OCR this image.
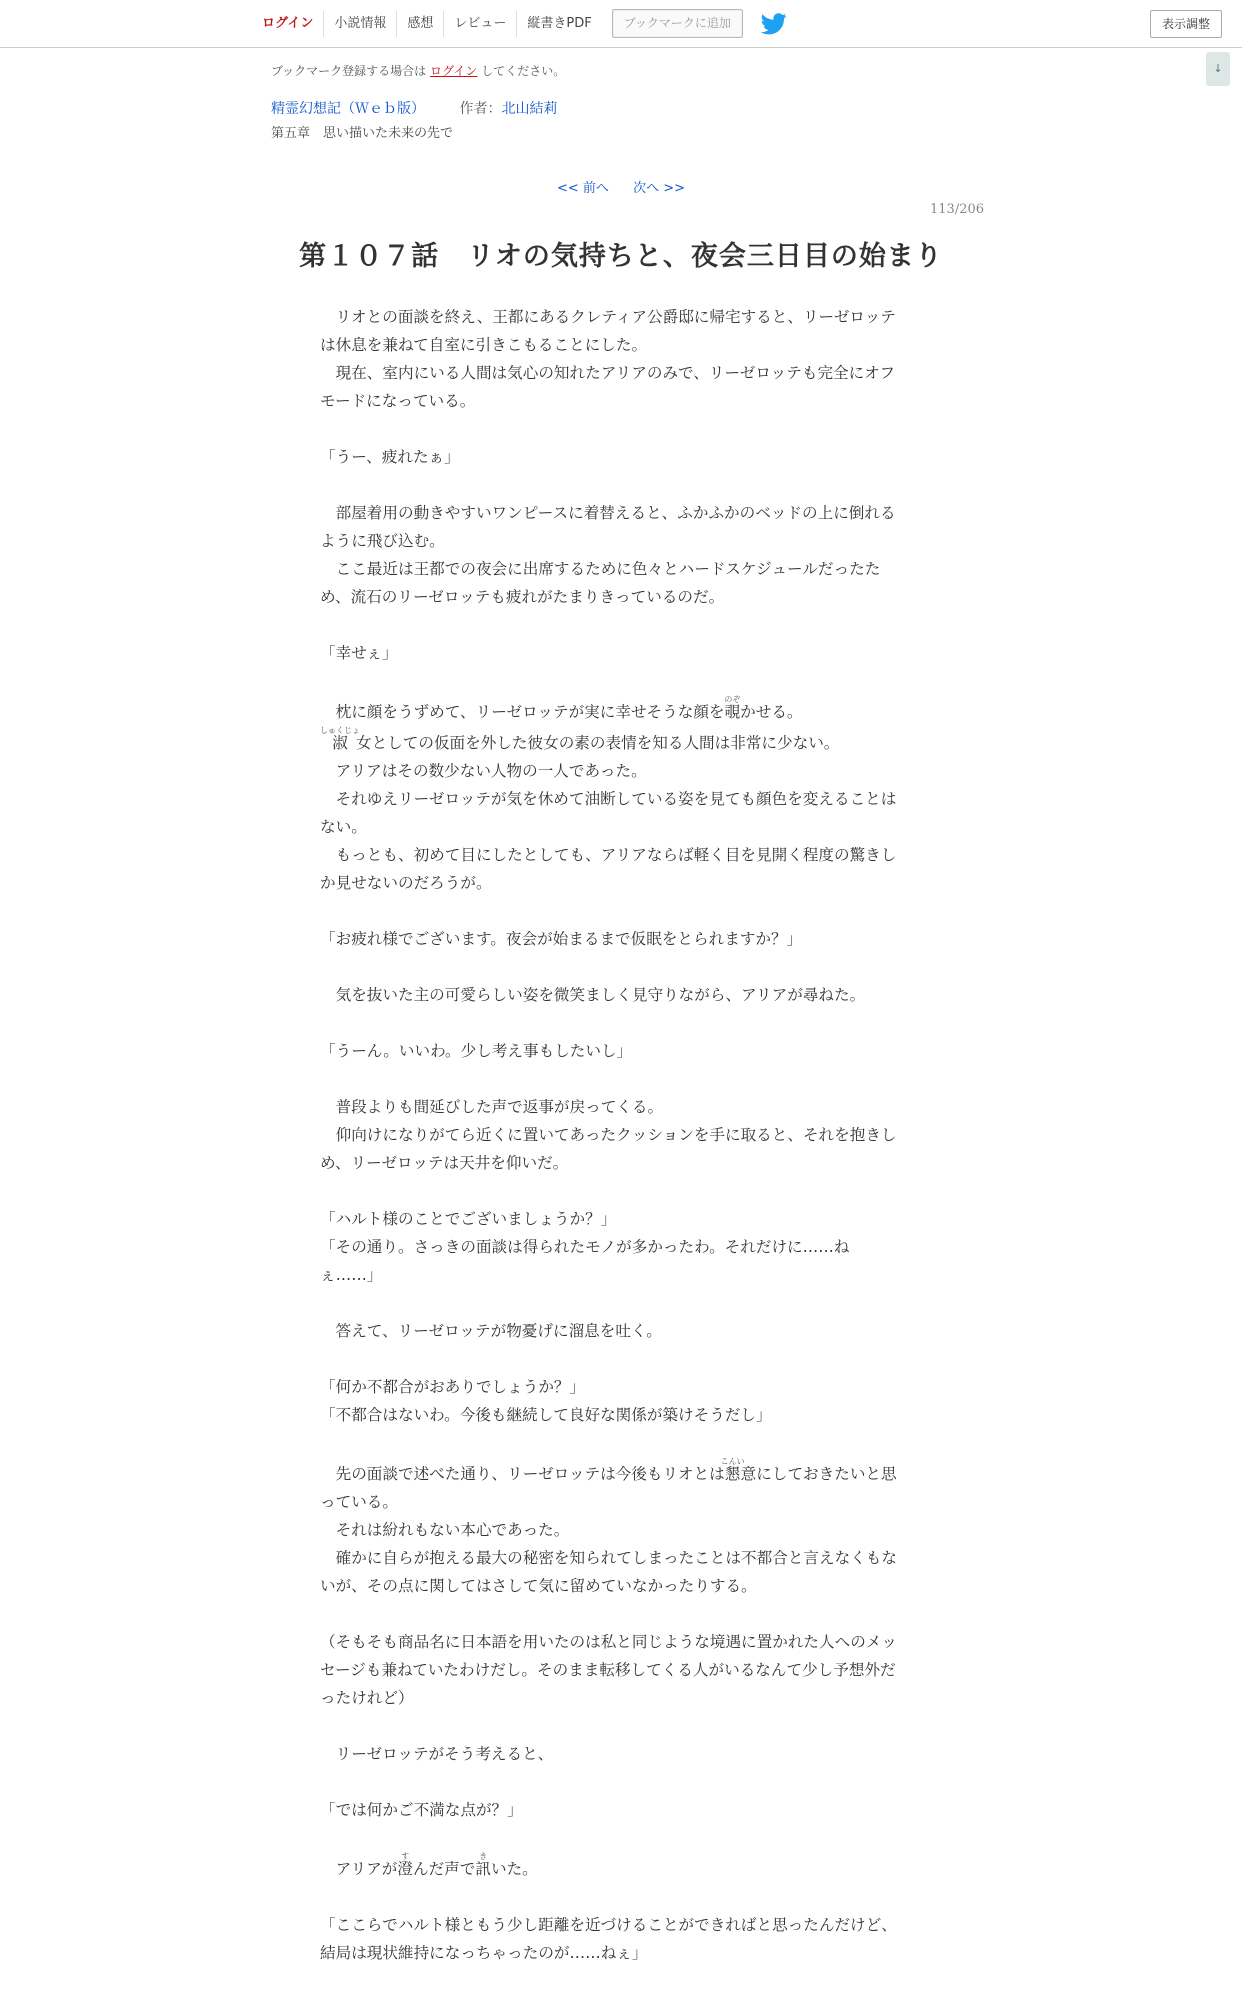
ログイン	小説情報	感想	レビュー	縦書きPDF	ブックマークに追加	表示調整
↓
ブックマーク登録する場合は ログイン してください。
精霊幻想記（Ｗｅｂ版） 作者：北山結莉
第五章　思い描いた未来の先で
<< 前へ 次へ >>
113/206
第１０７話　リオの気持ちと、夜会三日目の始まり
　リオとの面談を終え、王都にあるクレティア公爵邸に帰宅すると、リーゼロッテ
は休息を兼ねて自室に引きこもることにした。
　現在、室内にいる人間は気心の知れたアリアのみで、リーゼロッテも完全にオフ
モードになっている。

「うー、疲れたぁ」

　部屋着用の動きやすいワンピースに着替えると、ふかふかのベッドの上に倒れる
ように飛び込む。
　ここ最近は王都での夜会に出席するために色々とハードスケジュールだったた
め、流石のリーゼロッテも疲れがたまりきっているのだ。

「幸せぇ」

　枕に顔をうずめて、リーゼロッテが実に幸せそうな顔を覗のぞかせる。
淑しゅくじょ女としての仮面を外した彼女の素の表情を知る人間は非常に少ない。
　アリアはその数少ない人物の一人であった。
　それゆえリーゼロッテが気を休めて油断している姿を見ても顔色を変えることは
ない。
　もっとも、初めて目にしたとしても、アリアならば軽く目を見開く程度の驚きし
か見せないのだろうが。

「お疲れ様でございます。夜会が始まるまで仮眠をとられますか？」

　気を抜いた主の可愛らしい姿を微笑ましく見守りながら、アリアが尋ねた。

「うーん。いいわ。少し考え事もしたいし」

　普段よりも間延びした声で返事が戻ってくる。
　仰向けになりがてら近くに置いてあったクッションを手に取ると、それを抱きし
め、リーゼロッテは天井を仰いだ。

「ハルト様のことでございましょうか？」
「その通り。さっきの面談は得られたモノが多かったわ。それだけに……ね
ぇ……」

　答えて、リーゼロッテが物憂げに溜息を吐く。

「何か不都合がおありでしょうか？」
「不都合はないわ。今後も継続して良好な関係が築けそうだし」

　先の面談で述べた通り、リーゼロッテは今後もリオとは懇こんい意にしておきたいと思
っている。
　それは紛れもない本心であった。
　確かに自らが抱える最大の秘密を知られてしまったことは不都合と言えなくもな
いが、その点に関してはさして気に留めていなかったりする。

（そもそも商品名に日本語を用いたのは私と同じような境遇に置かれた人へのメッ
セージも兼ねていたわけだし。そのまま転移してくる人がいるなんて少し予想外だ
ったけれど）

　リーゼロッテがそう考えると、

「では何かご不満な点が？」

　アリアが澄すんだ声で訊きいた。

「ここらでハルト様ともう少し距離を近づけることができればと思ったんだけど、
結局は現状維持になっちゃったのが……ねぇ」
